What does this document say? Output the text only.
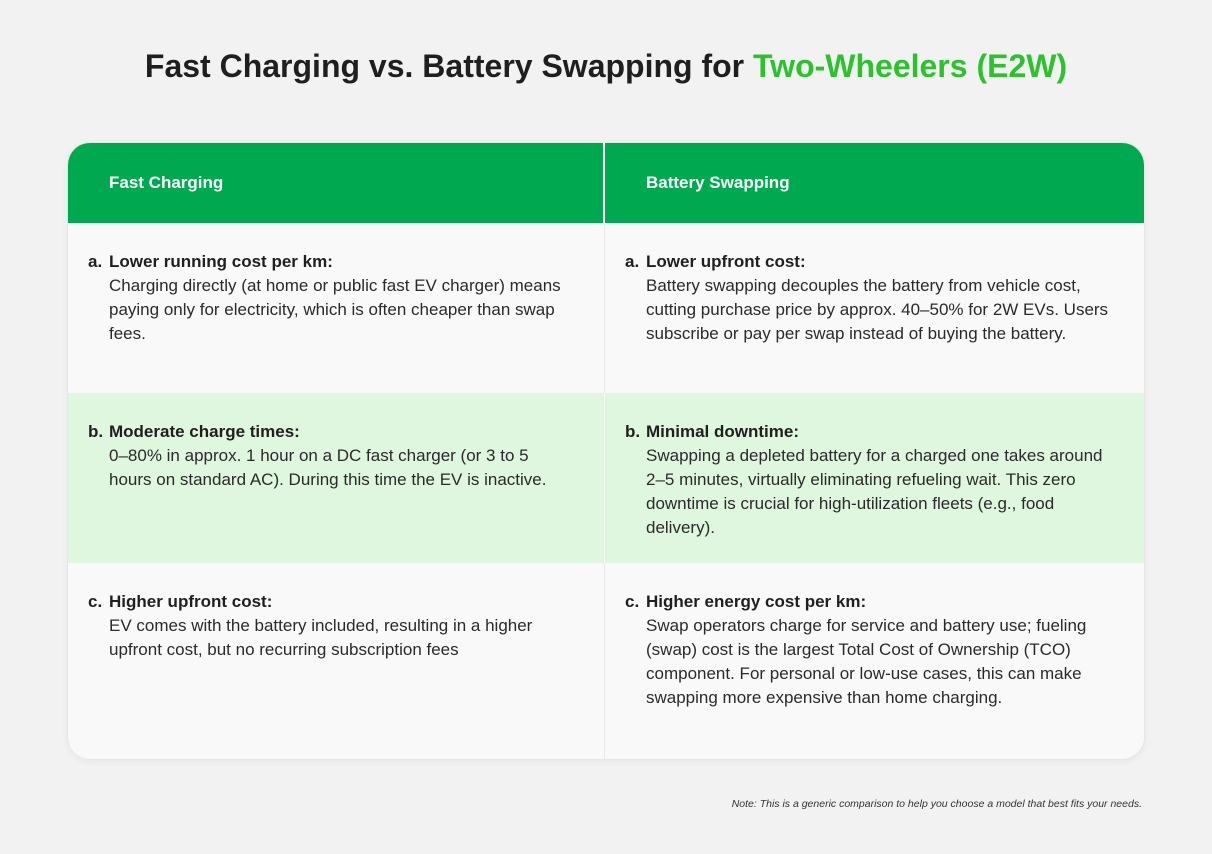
Fast Charging vs. Battery Swapping for Two-Wheelers (E2W)
Fast Charging	Battery Swapping
a. Lower running cost per km:
Charging directly (at home or public fast EV charger) means paying only for electricity, which is often cheaper than swap fees.
a. Lower upfront cost:
Battery swapping decouples the battery from vehicle cost, cutting purchase price by approx. 40–50% for 2W EVs. Users subscribe or pay per swap instead of buying the battery.
b. Moderate charge times:
0–80% in approx. 1 hour on a DC fast charger (or 3 to 5 hours on standard AC). During this time the EV is inactive.
b. Minimal downtime:
Swapping a depleted battery for a charged one takes around 2–5 minutes, virtually eliminating refueling wait. This zero downtime is crucial for high-utilization fleets (e.g., food delivery).
c. Higher upfront cost:
EV comes with the battery included, resulting in a higher upfront cost, but no recurring subscription fees
c. Higher energy cost per km:
Swap operators charge for service and battery use; fueling (swap) cost is the largest Total Cost of Ownership (TCO) component. For personal or low-use cases, this can make swapping more expensive than home charging.
Note: This is a generic comparison to help you choose a model that best fits your needs.
